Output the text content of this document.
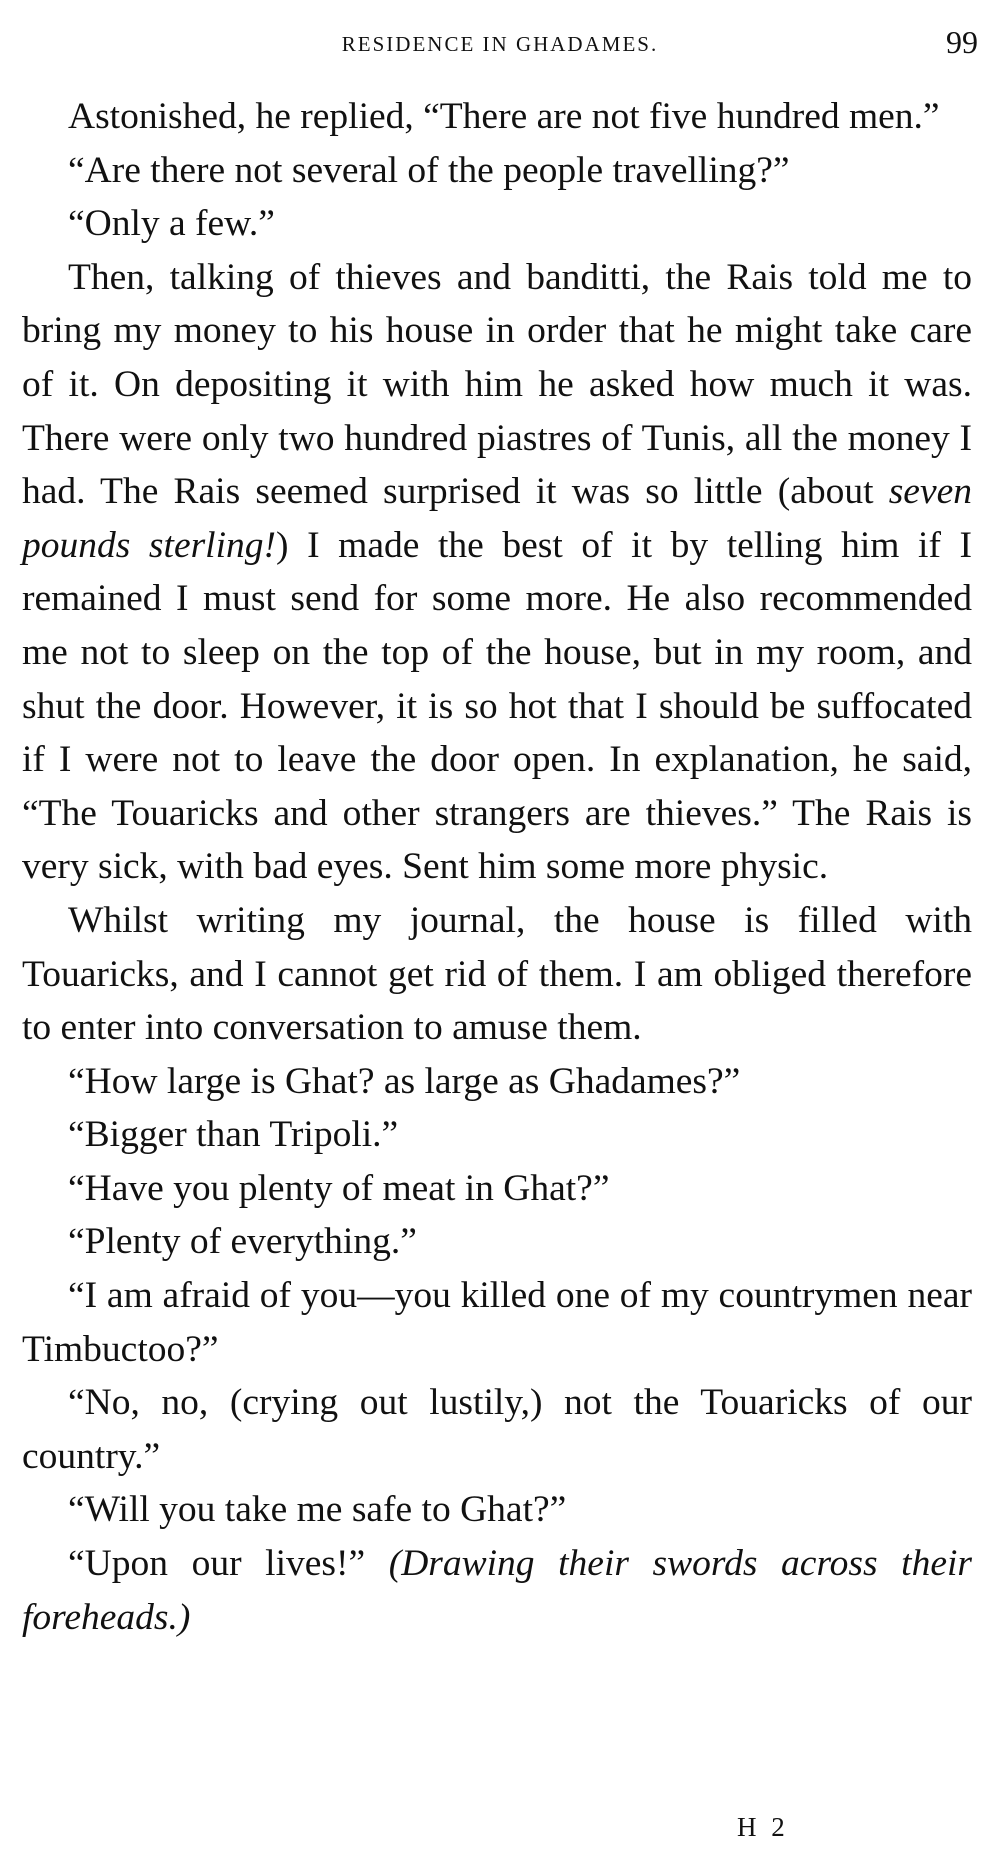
RESIDENCE IN GHADAMES.	99

Astonished, he replied, “There are not five hundred men.”

“Are there not several of the people travelling?”

“Only a few.”

Then, talking of thieves and banditti, the Rais told me to bring my money to his house in order that he might take care of it. On depositing it with him he asked how much it was. There were only two hundred piastres of Tunis, all the money I had. The Rais seemed surprised it was so little (about seven pounds sterling!) I made the best of it by telling him if I remained I must send for some more. He also recommended me not to sleep on the top of the house, but in my room, and shut the door. However, it is so hot that I should be suffocated if I were not to leave the door open. In explanation, he said, “The Touaricks and other strangers are thieves.” The Rais is very sick, with bad eyes. Sent him some more physic.

Whilst writing my journal, the house is filled with Touaricks, and I cannot get rid of them. I am obliged therefore to enter into conversation to amuse them.

“How large is Ghat? as large as Ghadames?”

“Bigger than Tripoli.”

“Have you plenty of meat in Ghat?”

“Plenty of everything.”

“I am afraid of you—you killed one of my countrymen near Timbuctoo?”

“No, no, (crying out lustily,) not the Touaricks of our country.”

“Will you take me safe to Ghat?”

“Upon our lives!” (Drawing their swords across their foreheads.)

H 2
